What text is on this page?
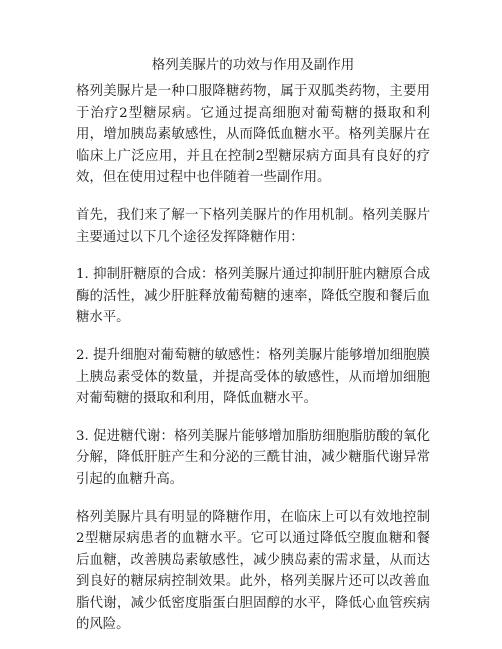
格列美脲片的功效与作用及副作用

格列美脲片是一种口服降糖药物，属于双胍类药物，主要用于治疗2型糖尿病。它通过提高细胞对葡萄糖的摄取和利用，增加胰岛素敏感性，从而降低血糖水平。格列美脲片在临床上广泛应用，并且在控制2型糖尿病方面具有良好的疗效，但在使用过程中也伴随着一些副作用。

首先，我们来了解一下格列美脲片的作用机制。格列美脲片主要通过以下几个途径发挥降糖作用：

1. 抑制肝糖原的合成：格列美脲片通过抑制肝脏内糖原合成酶的活性，减少肝脏释放葡萄糖的速率，降低空腹和餐后血糖水平。

2. 提升细胞对葡萄糖的敏感性：格列美脲片能够增加细胞膜上胰岛素受体的数量，并提高受体的敏感性，从而增加细胞对葡萄糖的摄取和利用，降低血糖水平。

3. 促进糖代谢：格列美脲片能够增加脂肪细胞脂肪酸的氧化分解，降低肝脏产生和分泌的三酰甘油，减少糖脂代谢异常引起的血糖升高。

格列美脲片具有明显的降糖作用，在临床上可以有效地控制2型糖尿病患者的血糖水平。它可以通过降低空腹血糖和餐后血糖，改善胰岛素敏感性，减少胰岛素的需求量，从而达到良好的糖尿病控制效果。此外，格列美脲片还可以改善血脂代谢，减少低密度脂蛋白胆固醇的水平，降低心血管疾病的风险。
